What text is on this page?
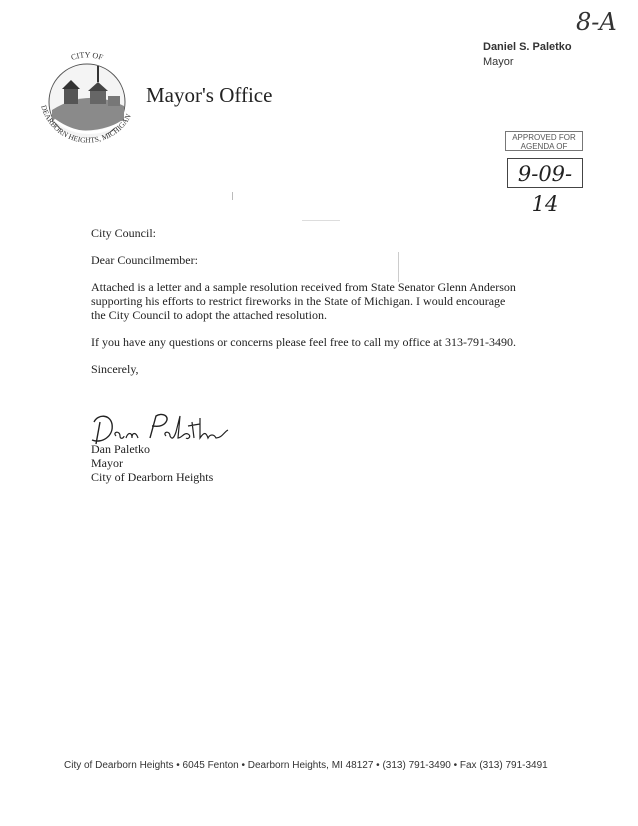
8-A
CITY OF
DEARBORN HEIGHTS, MICHIGAN
Mayor's Office
Daniel S. Paletko
Mayor
APPROVED FOR
AGENDA OF
9-09-14

City Council:

Dear Councilmember:

Attached is a letter and a sample resolution received from State Senator Glenn Anderson
supporting his efforts to restrict fireworks in the State of Michigan. I would encourage
the City Council to adopt the attached resolution.

If you have any questions or concerns please feel free to call my office at 313-791-3490.

Sincerely,

Dan Paletko
Mayor
City of Dearborn Heights
City of Dearborn Heights • 6045 Fenton • Dearborn Heights, MI 48127 • (313) 791-3490 • Fax (313) 791-3491
